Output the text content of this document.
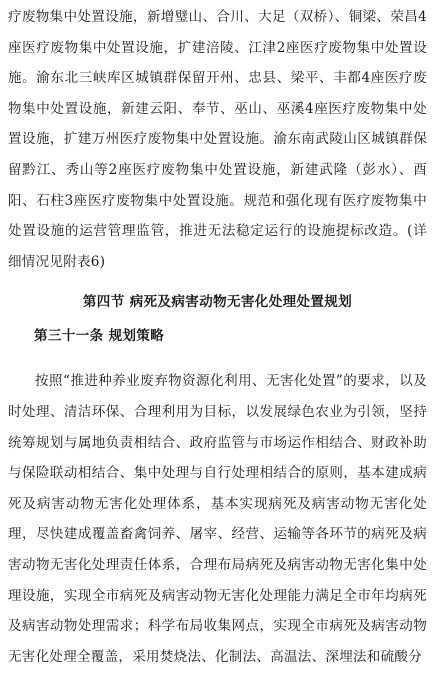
疗废物集中处置设施，新增璧山、合川、大足（双桥）、铜梁、荣昌4座医疗废物集中处置设施，扩建涪陵、江津2座医疗废物集中处置设施。渝东北三峡库区城镇群保留开州、忠县、梁平、丰都4座医疗废物集中处置设施，新建云阳、奉节、巫山、巫溪4座医疗废物集中处置设施，扩建万州医疗废物集中处置设施。渝东南武陵山区城镇群保留黔江、秀山等2座医疗废物集中处置设施，新建武隆（彭水）、酉阳、石柱3座医疗废物集中处置设施。规范和强化现有医疗废物集中处置设施的运营管理监管，推进无法稳定运行的设施提标改造。(详细情况见附表6)

第四节 病死及病害动物无害化处理处置规划
第三十一条 规划策略

按照“推进种养业废弃物资源化利用、无害化处置”的要求，以及时处理、清洁环保、合理利用为目标，以发展绿色农业为引领，坚持统筹规划与属地负责相结合、政府监管与市场运作相结合、财政补助与保险联动相结合、集中处理与自行处理相结合的原则，基本建成病死及病害动物无害化处理体系，基本实现病死及病害动物无害化处理，尽快建成覆盖畜禽饲养、屠宰、经营、运输等各环节的病死及病害动物无害化处理责任体系，合理布局病死及病害动物无害化集中处理设施，实现全市病死及病害动物无害化处理能力满足全市年均病死及病害动物处理需求；科学布局收集网点，实现全市病死及病害动物无害化处理全覆盖，采用焚烧法、化制法、高温法、深埋法和硫酸分
